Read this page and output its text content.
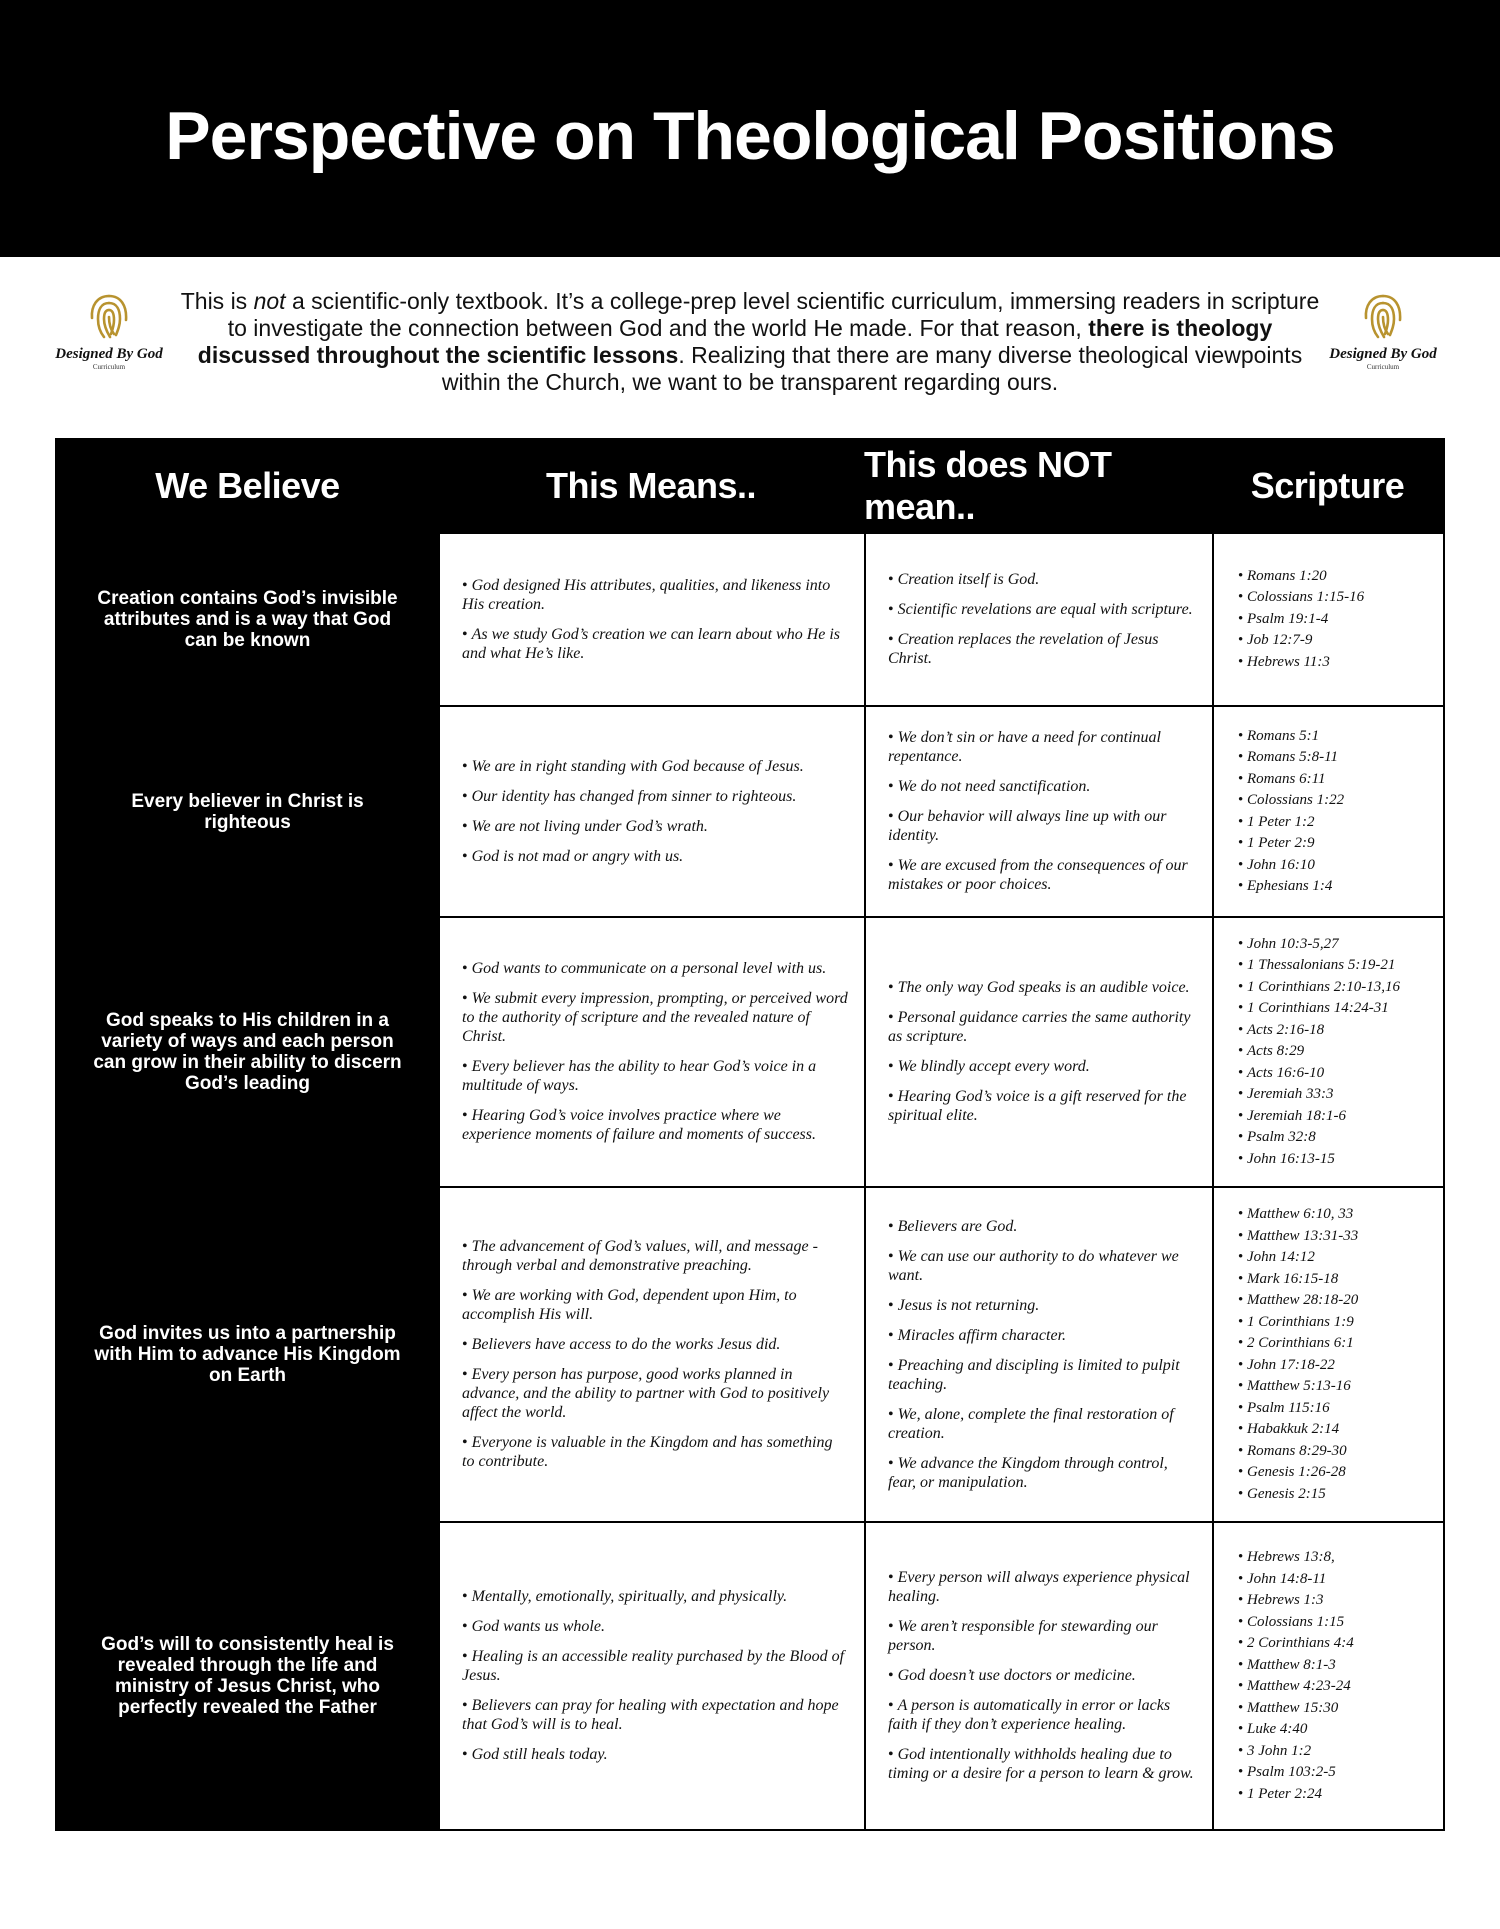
Perspective on Theological Positions
Designed By God
Curriculum
Designed By God
Curriculum

This is not a scientific-only textbook. It’s a college-prep level scientific curriculum, immersing readers in scripture to investigate the connection between God and the world He made. For that reason, there is theology discussed throughout the scientific lessons. Realizing that there are many diverse theological viewpoints within the Church, we want to be transparent regarding ours.

We Believe	This Means..
This does NOT mean..
Scripture
Creation contains God’s invisible attributes and is a way that God can be known
• God designed His attributes, qualities, and likeness into His creation.
• As we study God’s creation we can learn about who He is and what He’s like.
• Creation itself is God.
• Scientific revelations are equal with scripture.
• Creation replaces the revelation of Jesus Christ.
• Romans 1:20
• Colossians 1:15-16
• Psalm 19:1-4
• Job 12:7-9
• Hebrews 11:3
Every believer in Christ is righteous
• We are in right standing with God because of Jesus.
• Our identity has changed from sinner to righteous.
• We are not living under God’s wrath.
• God is not mad or angry with us.
• We don’t sin or have a need for continual repentance.
• We do not need sanctification.
• Our behavior will always line up with our identity.
• We are excused from the consequences of our mistakes or poor choices.
• Romans 5:1
• Romans 5:8-11
• Romans 6:11
• Colossians 1:22
• 1 Peter 1:2
• 1 Peter 2:9
• John 16:10
• Ephesians 1:4
God speaks to His children in a variety of ways and each person can grow in their ability to discern God’s leading
• God wants to communicate on a personal level with us.
• We submit every impression, prompting, or perceived word to the authority of scripture and the revealed nature of Christ.
• Every believer has the ability to hear God’s voice in a multitude of ways.
• Hearing God’s voice involves practice where we experience moments of failure and moments of success.
• The only way God speaks is an audible voice.
• Personal guidance carries the same authority as scripture.
• We blindly accept every word.
• Hearing God’s voice is a gift reserved for the spiritual elite.
• John 10:3-5,27
• 1 Thessalonians 5:19-21
• 1 Corinthians 2:10-13,16
• 1 Corinthians 14:24-31
• Acts 2:16-18
• Acts 8:29
• Acts 16:6-10
• Jeremiah 33:3
• Jeremiah 18:1-6
• Psalm 32:8
• John 16:13-15
God invites us into a partnership with Him to advance His Kingdom on Earth
• The advancement of God’s values, will, and message - through verbal and demonstrative preaching.
• We are working with God, dependent upon Him, to accomplish His will.
• Believers have access to do the works Jesus did.
• Every person has purpose, good works planned in advance, and the ability to partner with God to positively affect the world.
• Everyone is valuable in the Kingdom and has something to contribute.
• Believers are God.
• We can use our authority to do whatever we want.
• Jesus is not returning.
• Miracles affirm character.
• Preaching and discipling is limited to pulpit teaching.
• We, alone, complete the final restoration of creation.
• We advance the Kingdom through control, fear, or manipulation.
• Matthew 6:10, 33
• Matthew 13:31-33
• John 14:12
• Mark 16:15-18
• Matthew 28:18-20
• 1 Corinthians 1:9
• 2 Corinthians 6:1
• John 17:18-22
• Matthew 5:13-16
• Psalm 115:16
• Habakkuk 2:14
• Romans 8:29-30
• Genesis 1:26-28
• Genesis 2:15
God’s will to consistently heal is revealed through the life and ministry of Jesus Christ, who perfectly revealed the Father
• Mentally, emotionally, spiritually, and physically.
• God wants us whole.
• Healing is an accessible reality purchased by the Blood of Jesus.
• Believers can pray for healing with expectation and hope that God’s will is to heal.
• God still heals today.
• Every person will always experience physical healing.
• We aren’t responsible for stewarding our person.
• God doesn’t use doctors or medicine.
• A person is automatically in error or lacks faith if they don’t experience healing.
• God intentionally withholds healing due to timing or a desire for a person to learn & grow.
• Hebrews 13:8,
• John 14:8-11
• Hebrews 1:3
• Colossians 1:15
• 2 Corinthians 4:4
• Matthew 8:1-3
• Matthew 4:23-24
• Matthew 15:30
• Luke 4:40
• 3 John 1:2
• Psalm 103:2-5
• 1 Peter 2:24
